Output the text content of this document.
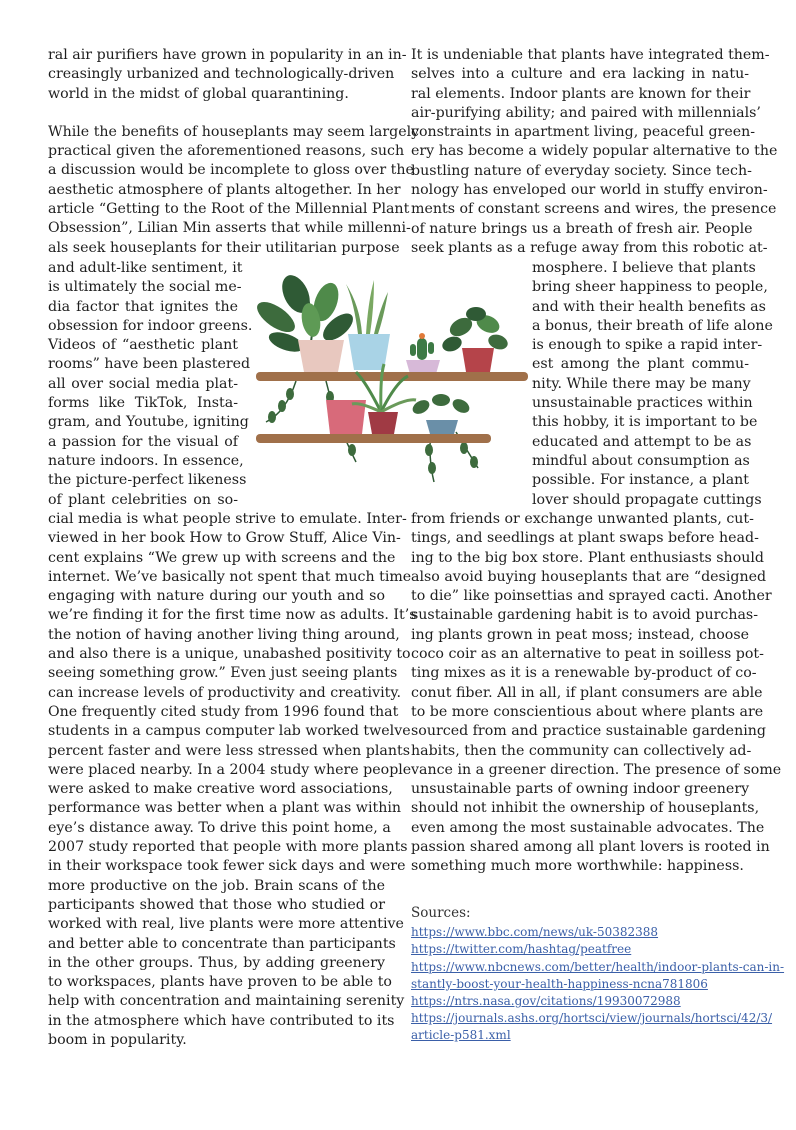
ral air purifiers have grown in popularity in an in-
creasingly urbanized and technologically-driven
world in the midst of global quarantining.

While the benefits of houseplants may seem largely
practical given the aforementioned reasons, such
a discussion would be incomplete to gloss over the
aesthetic atmosphere of plants altogether. In her
article “Getting to the Root of the Millennial Plant
Obsession”, Lilian Min asserts that while millenni-
als seek houseplants for their utilitarian purpose

and adult-like sentiment, it
is ultimately the social me-
dia factor that ignites the
obsession for indoor greens.
Videos of “aesthetic plant
rooms” have been plastered
all over social media plat-
forms like TikTok, Insta-
gram, and Youtube, igniting
a passion for the visual of
nature indoors. In essence,
the picture-perfect likeness
of plant celebrities on so-
cial media is what people strive to emulate. Inter-
viewed in her book How to Grow Stuff, Alice Vin-
cent explains “We grew up with screens and the
internet. We’ve basically not spent that much time
engaging with nature during our youth and so
we’re finding it for the first time now as adults. It’s
the notion of having another living thing around,
and also there is a unique, unabashed positivity to
seeing something grow.” Even just seeing plants
can increase levels of productivity and creativity.
One frequently cited study from 1996 found that
students in a campus computer lab worked twelve
percent faster and were less stressed when plants
were placed nearby. In a 2004 study where people
were asked to make creative word associations,
performance was better when a plant was within
eye’s distance away. To drive this point home, a
2007 study reported that people with more plants
in their workspace took fewer sick days and were
more productive on the job. Brain scans of the
participants showed that those who studied or
worked with real, live plants were more attentive
and better able to concentrate than participants
in the other groups. Thus, by adding greenery
to workspaces, plants have proven to be able to
help with concentration and maintaining serenity
in the atmosphere which have contributed to its
boom in popularity.
It is undeniable that plants have integrated them-
selves into a culture and era lacking in natu-
ral elements. Indoor plants are known for their
air-purifying ability; and paired with millennials’
constraints in apartment living, peaceful green-
ery has become a widely popular alternative to the
bustling nature of everyday society. Since tech-
nology has enveloped our world in stuffy environ-
ments of constant screens and wires, the presence
of nature brings us a breath of fresh air. People
seek plants as a refuge away from this robotic at-
mosphere. I believe that plants
bring sheer happiness to people,
and with their health benefits as
a bonus, their breath of life alone
is enough to spike a rapid inter-
est among the plant commu-
nity. While there may be many
unsustainable practices within
this hobby, it is important to be
educated and attempt to be as
mindful about consumption as
possible. For instance, a plant
lover should propagate cuttings
from friends or exchange unwanted plants, cut-
tings, and seedlings at plant swaps before head-
ing to the big box store. Plant enthusiasts should
also avoid buying houseplants that are “designed
to die” like poinsettias and sprayed cacti. Another
sustainable gardening habit is to avoid purchas-
ing plants grown in peat moss; instead, choose
coco coir as an alternative to peat in soilless pot-
ting mixes as it is a renewable by-product of co-
conut fiber. All in all, if plant consumers are able
to be more conscientious about where plants are
sourced from and practice sustainable gardening
habits, then the community can collectively ad-
vance in a greener direction. The presence of some
unsustainable parts of owning indoor greenery
should not inhibit the ownership of houseplants,
even among the most sustainable advocates. The
passion shared among all plant lovers is rooted in
something much more worthwhile: happiness.
Sources:
https://www.bbc.com/news/uk-50382388
https://twitter.com/hashtag/peatfree
https://www.nbcnews.com/better/health/indoor-plants-can-in-
stantly-boost-your-health-happiness-ncna781806
https://ntrs.nasa.gov/citations/19930072988
https://journals.ashs.org/hortsci/view/journals/hortsci/42/3/
article-p581.xml
